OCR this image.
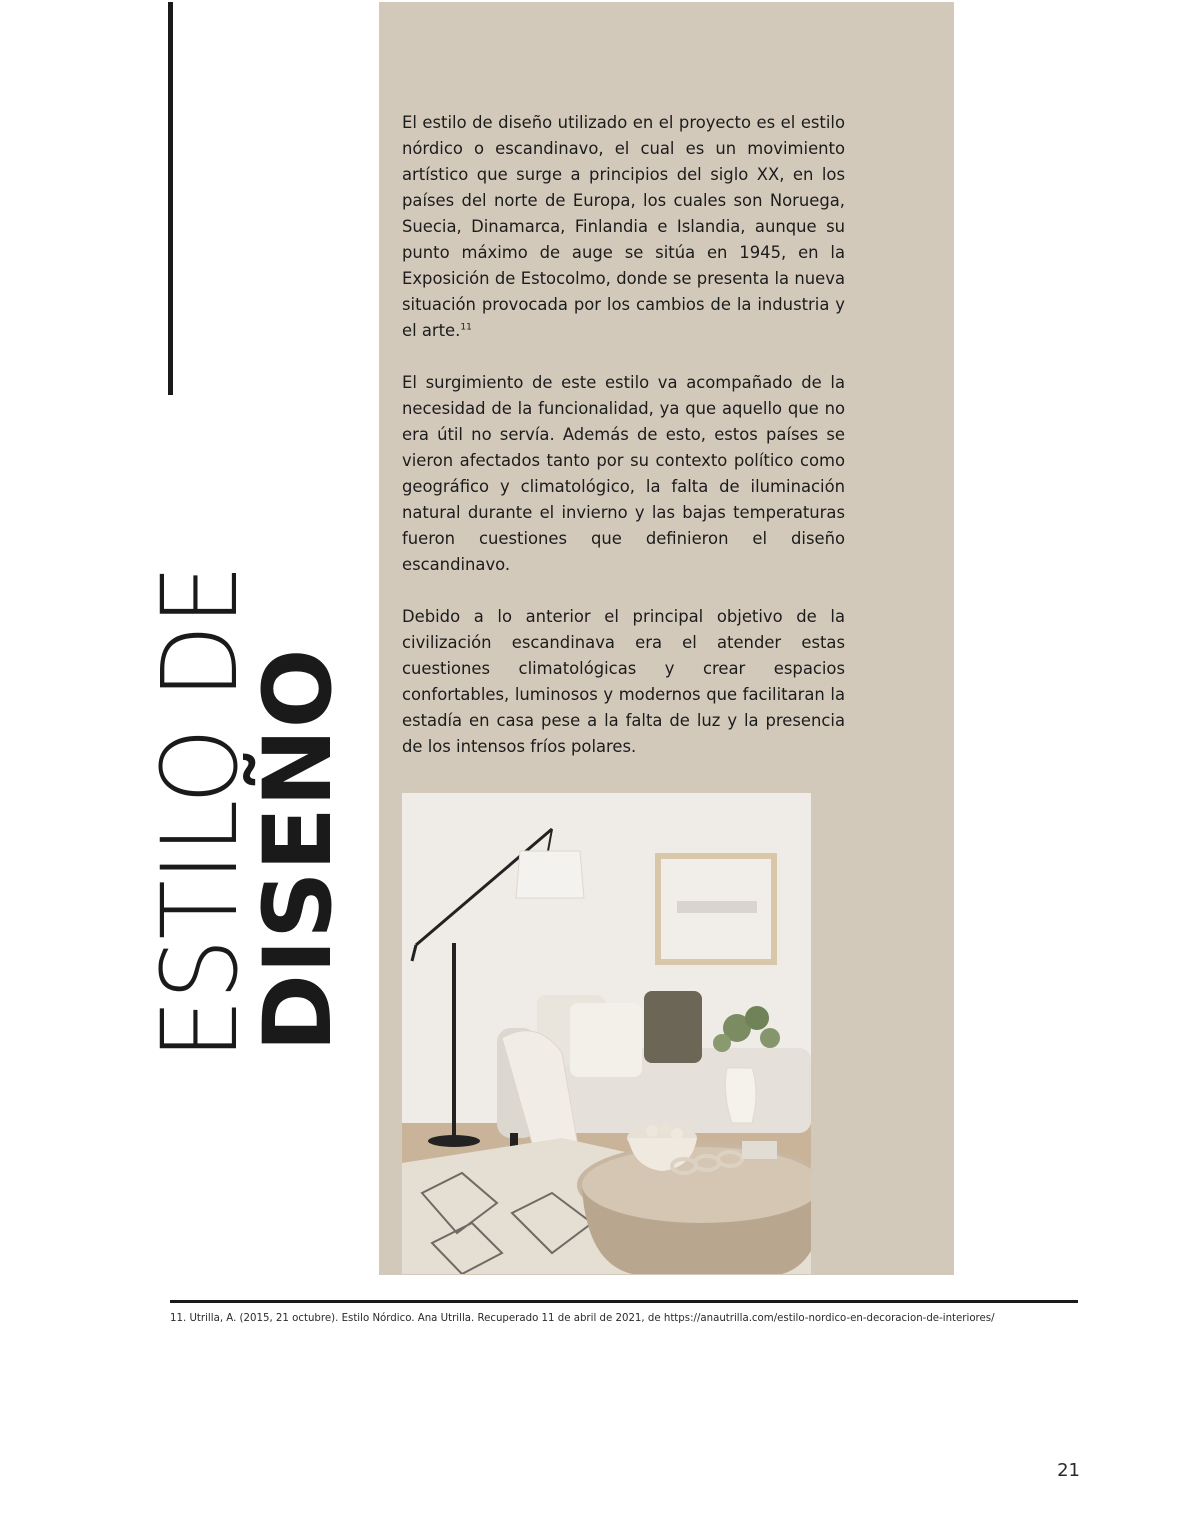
El estilo de diseño utilizado en el proyecto es el estilo nórdico o escandinavo, el cual es un movimiento artístico que surge a principios del siglo XX, en los países del norte de Europa, los cuales son Noruega, Suecia, Dinamarca, Finlandia e Islandia, aunque su punto máximo de auge se sitúa en 1945, en la Exposición de Estocolmo, donde se presenta la nueva situación provocada por los cambios de la industria y el arte.$^{11}$

El surgimiento de este estilo va acompañado de la necesidad de la funcionalidad, ya que aquello que no era útil no servía. Además de esto, estos países se vieron afectados tanto por su contexto político como geográfico y climatológico, la falta de iluminación natural durante el invierno y las bajas temperaturas fueron cuestiones que definieron el diseño escandinavo.

Debido a lo anterior el principal objetivo de la civilización escandinava era el atender estas cuestiones climatológicas y crear espacios confortables, luminosos y modernos que facilitaran la estadía en casa pese a la falta de luz y la presencia de los intensos fríos polares.

ESTILO DE
DISEÑO
11. Utrilla, A. (2015, 21 octubre). Estilo Nórdico. Ana Utrilla. Recuperado 11 de abril de 2021, de https://anautrilla.com/estilo-nordico-en-decoracion-de-interiores/
21
